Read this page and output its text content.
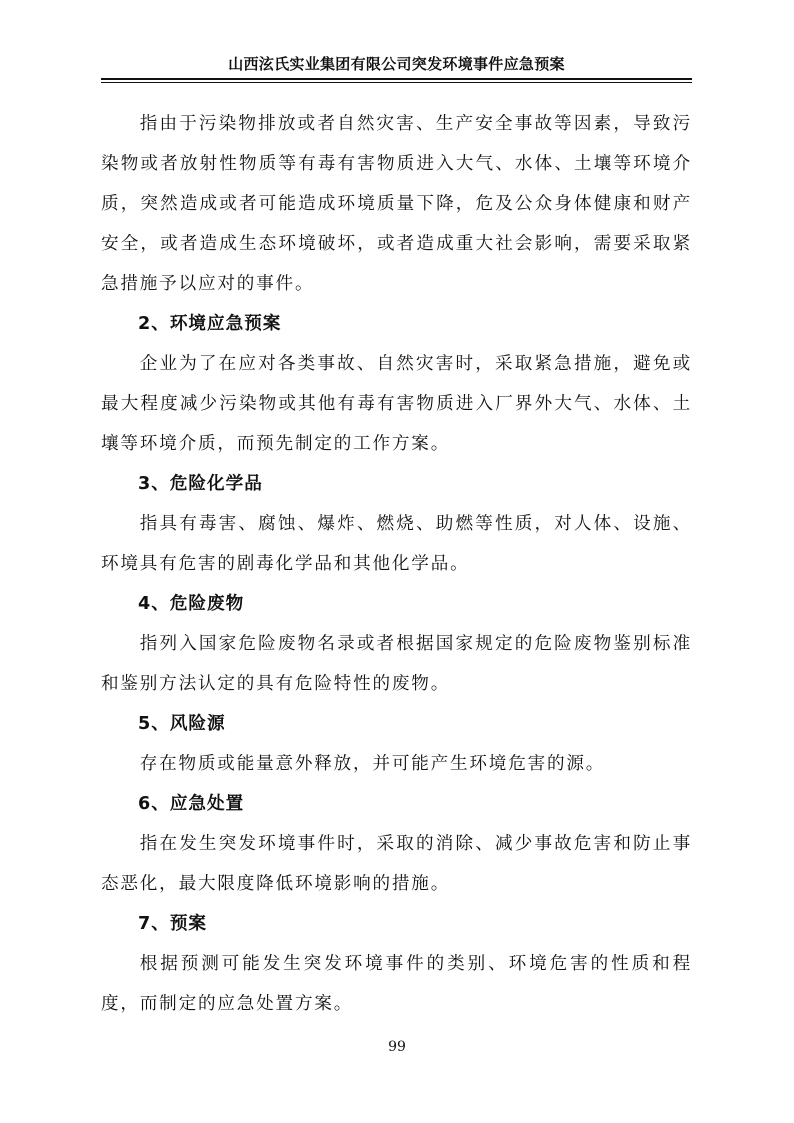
山西泫氏实业集团有限公司突发环境事件应急预案

指由于污染物排放或者自然灾害、生产安全事故等因素，导致污染物或者放射性物质等有毒有害物质进入大气、水体、土壤等环境介质，突然造成或者可能造成环境质量下降，危及公众身体健康和财产安全，或者造成生态环境破坏，或者造成重大社会影响，需要采取紧急措施予以应对的事件。

2、环境应急预案

企业为了在应对各类事故、自然灾害时，采取紧急措施，避免或最大程度减少污染物或其他有毒有害物质进入厂界外大气、水体、土壤等环境介质，而预先制定的工作方案。

3、危险化学品

指具有毒害、腐蚀、爆炸、燃烧、助燃等性质，对人体、设施、环境具有危害的剧毒化学品和其他化学品。

4、危险废物

指列入国家危险废物名录或者根据国家规定的危险废物鉴别标准和鉴别方法认定的具有危险特性的废物。

5、风险源

存在物质或能量意外释放，并可能产生环境危害的源。

6、应急处置

指在发生突发环境事件时，采取的消除、减少事故危害和防止事态恶化，最大限度降低环境影响的措施。

7、预案

根据预测可能发生突发环境事件的类别、环境危害的性质和程度，而制定的应急处置方案。

99
